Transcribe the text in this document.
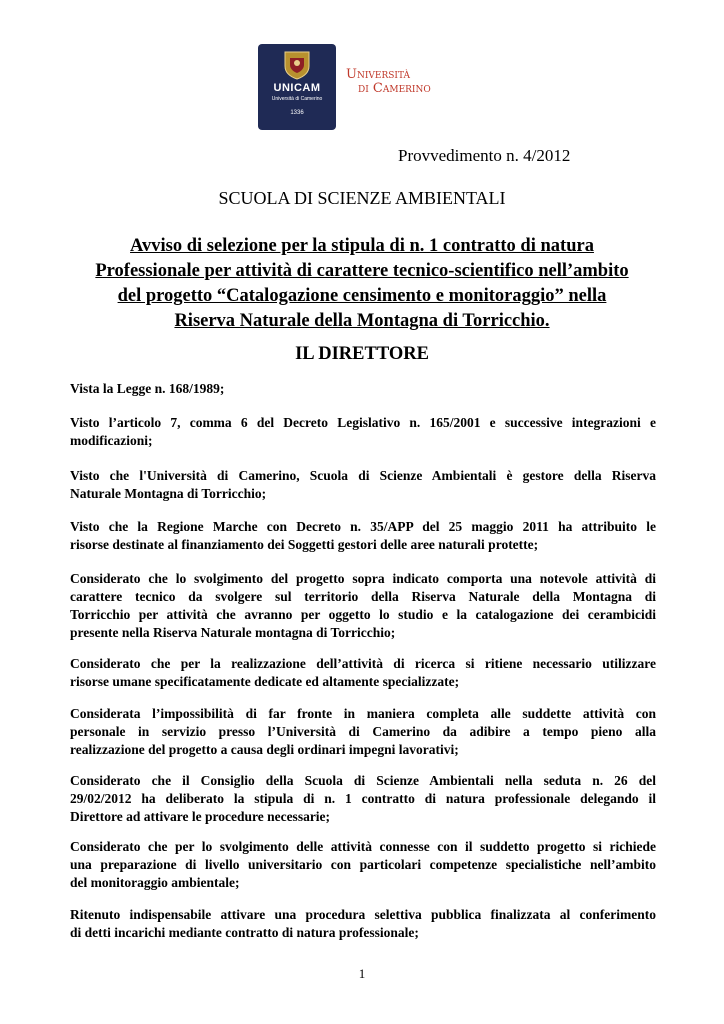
UNICAM
Università di Camerino
1336
Università
di Camerino
Provvedimento n. 4/2012
SCUOLA DI SCIENZE AMBIENTALI
Avviso di selezione per la stipula di n. 1 contratto di natura
Professionale per attività di carattere tecnico-scientifico nell’ambito
del progetto “Catalogazione censimento e monitoraggio” nella
Riserva Naturale della Montagna di Torricchio.
IL DIRETTORE
Vista la Legge n. 168/1989;
Visto l’articolo 7, comma 6 del Decreto Legislativo n. 165/2001 e successive integrazioni e
modificazioni;
Visto che l'Università di Camerino, Scuola di Scienze Ambientali è gestore della Riserva
Naturale Montagna di Torricchio;
Visto che la Regione Marche con Decreto n. 35/APP del 25 maggio 2011 ha attribuito le
risorse destinate al finanziamento dei Soggetti gestori delle aree naturali protette;
Considerato che lo svolgimento del progetto sopra indicato comporta una notevole attività di
carattere tecnico da svolgere sul territorio della Riserva Naturale della Montagna di
Torricchio per attività che avranno per oggetto lo studio e la catalogazione dei cerambicidi
presente nella Riserva Naturale montagna di Torricchio;
Considerato che per la realizzazione dell’attività di ricerca si ritiene necessario utilizzare
risorse umane specificatamente dedicate ed altamente specializzate;
Considerata l’impossibilità di far fronte in maniera completa alle suddette attività con
personale in servizio presso l’Università di Camerino da adibire a tempo pieno alla
realizzazione del progetto a causa degli ordinari impegni lavorativi;
Considerato che il Consiglio della Scuola di Scienze Ambientali nella seduta n. 26 del
29/02/2012 ha deliberato la stipula di n. 1 contratto di natura professionale delegando il
Direttore ad attivare le procedure necessarie;
Considerato che per lo svolgimento delle attività connesse con il suddetto progetto si richiede
una preparazione di livello universitario con particolari competenze specialistiche nell’ambito
del monitoraggio ambientale;
Ritenuto indispensabile attivare una procedura selettiva pubblica finalizzata al conferimento
di detti incarichi mediante contratto di natura professionale;
1
